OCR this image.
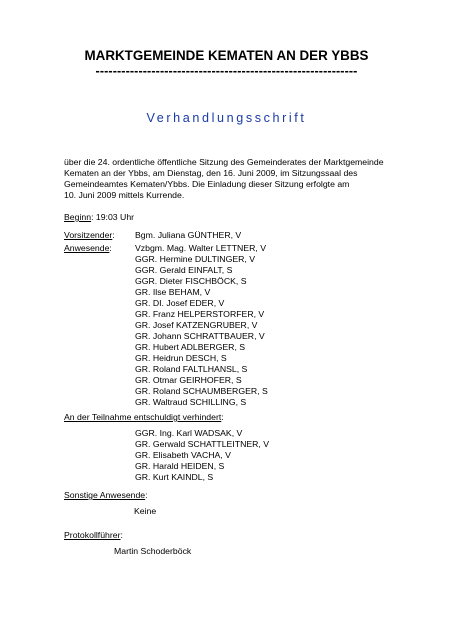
MARKTGEMEINDE KEMATEN AN DER YBBS
-------------------------------------------------------------
Verhandlungsschrift
über die 24. ordentliche öffentliche Sitzung des Gemeinderates der Marktgemeinde
Kematen an der Ybbs, am Dienstag, den 16. Juni 2009, im Sitzungssaal des
Gemeindeamtes Kematen/Ybbs. Die Einladung dieser Sitzung erfolgte am
10. Juni 2009 mittels Kurrende.
Beginn: 19:03 Uhr
Vorsitzender: Bgm. Juliana GÜNTHER, V
Anwesende:	Vzbgm. Mag. Walter LETTNER, V
GGR. Hermine DULTINGER, V
GGR. Gerald EINFALT, S
GGR. Dieter FISCHBÖCK, S
GR. Ilse BEHAM, V
GR. DI. Josef EDER, V
GR. Franz HELPERSTORFER, V
GR. Josef KATZENGRUBER, V
GR. Johann SCHRATTBAUER, V
GR. Hubert ADLBERGER, S
GR. Heidrun DESCH, S
GR. Roland FALTLHANSL, S
GR. Otmar GEIRHOFER, S
GR. Roland SCHAUMBERGER, S
GR. Waltraud SCHILLING, S
An der Teilnahme entschuldigt verhindert:
GGR. Ing. Karl WADSAK, V
GR. Gerwald SCHATTLEITNER, V
GR. Elisabeth VACHA, V
GR. Harald HEIDEN, S
GR. Kurt KAINDL, S
Sonstige Anwesende:
Keine
Protokollführer:
Martin Schoderböck
